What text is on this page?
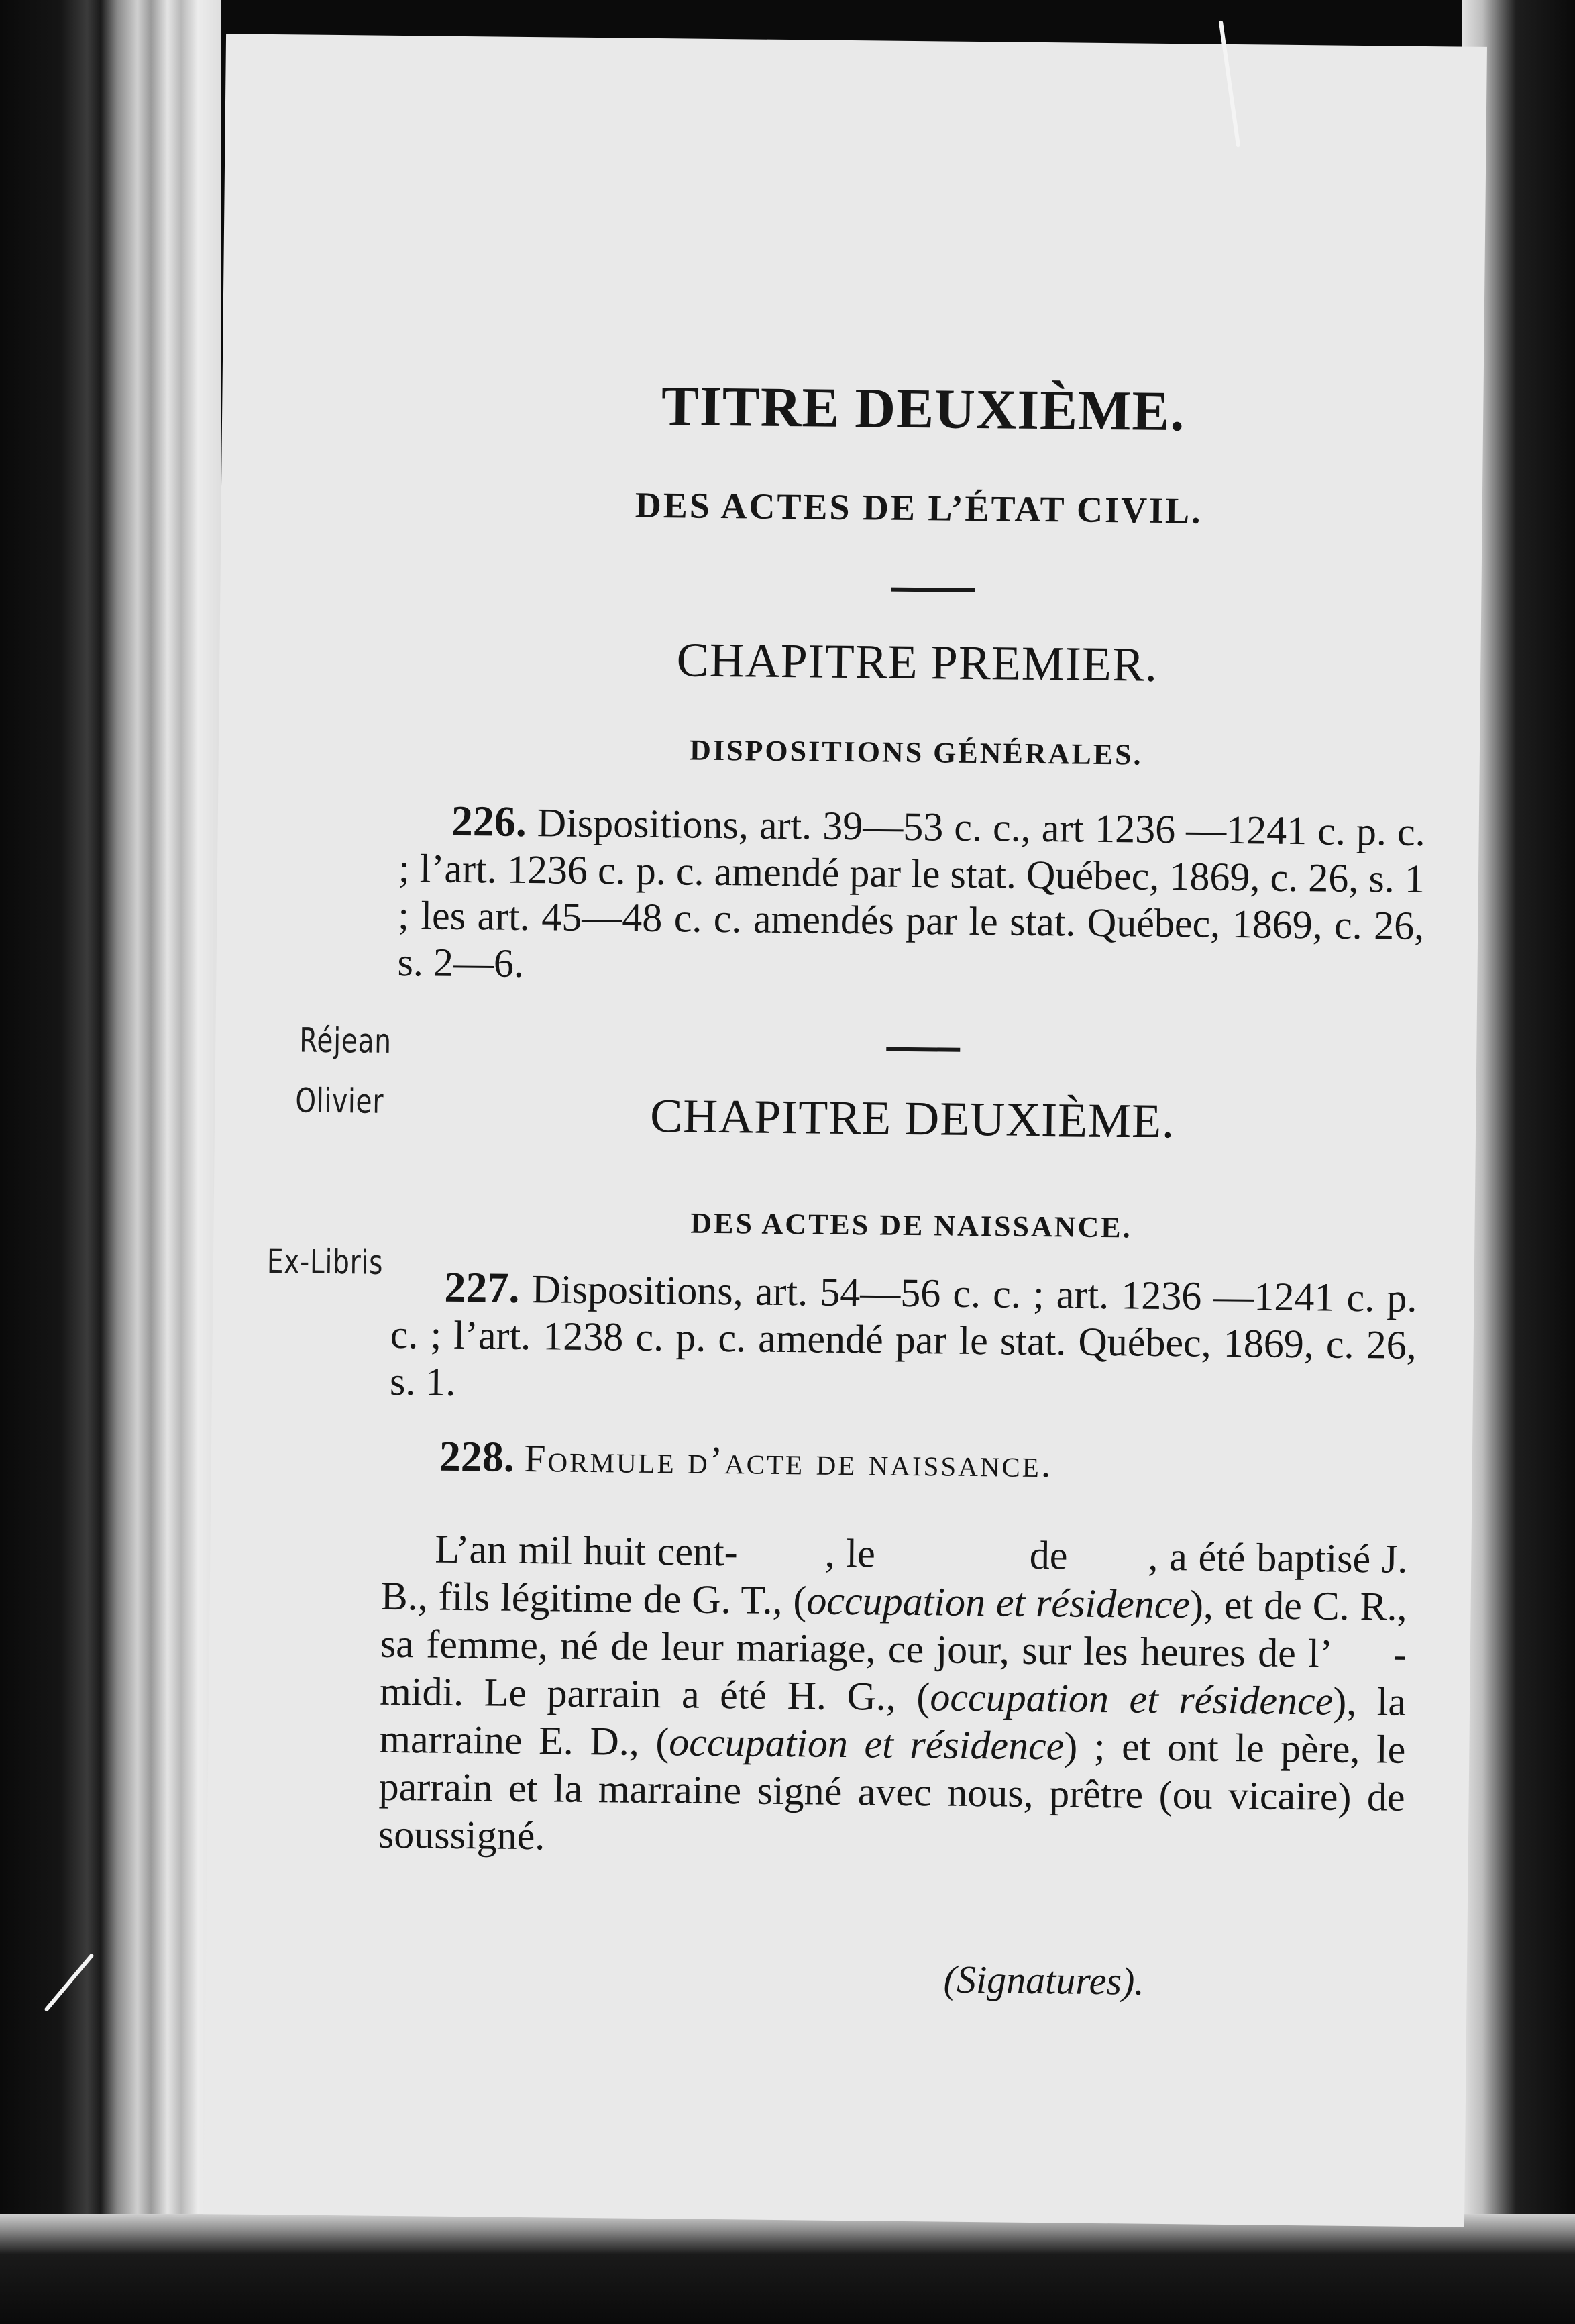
TITRE DEUXIÈME.
DES ACTES DE L’ÉTAT CIVIL.
CHAPITRE PREMIER.
DISPOSITIONS GÉNÉRALES.
226. Dispositions, art. 39—53 c. c., art 1236 —1241 c. p. c. ; l’art. 1236 c. p. c. amendé par le stat. Québec, 1869, c. 26, s. 1 ; les art. 45—48 c. c. amendés par le stat. Québec, 1869, c. 26, s. 2—6.
CHAPITRE DEUXIÈME.
DES ACTES DE NAISSANCE.
227. Dispositions, art. 54—56 c. c. ; art. 1236 —1241 c. p. c. ; l’art. 1238 c. p. c. amendé par le stat. Québec, 1869, c. 26, s. 1.
228. Formule d’acte de naissance.
L’an mil huit cent- , le	de , a été baptisé J. B., fils légitime de G. T., (occupation et résidence), et de C. R., sa femme, né de leur mariage, ce jour, sur les heures de l’ -midi. Le parrain a été H. G., (occupation et résidence), la marraine E. D., (occupation et résidence) ; et ont le père, le parrain et la marraine signé avec nous, prêtre (ou vicaire) de soussigné.
(Signatures).
Réjean
Olivier
Ex-Libris
